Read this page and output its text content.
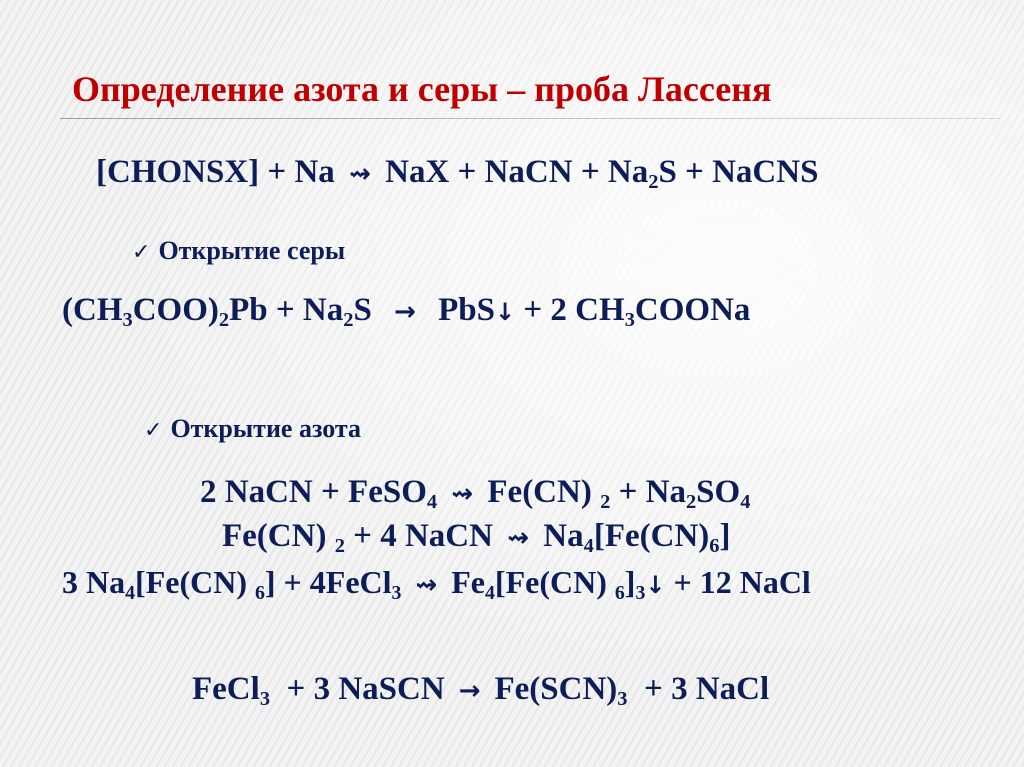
Определение азота и серы – проба Лассеня
[CHONSX] + Na ⇝ NaX + NaCN + $Na_2S$ + NaCNS
✓ Открытие серы
$(CH_3COO)_2Pb + Na_2S$ → PbS↓ + 2 $CH_3COONa$
✓ Открытие азота
2 NaCN + FeSO$_4$ ⇝ Fe(CN) $_2 + Na_2SO_4$
Fe(CN) $_2$ + 4 NaCN ⇝ $Na_4[Fe(CN)_6]$
3 $Na_4[Fe(CN) _6]$ + 4FeCl$_3$ ⇝ $Fe_4[Fe(CN)$ $_6]_3↓ + 12$ NaCl
FeCl$_3$  + 3 NaSCN → $Fe(SCN)_3 + 3$ NaCl
